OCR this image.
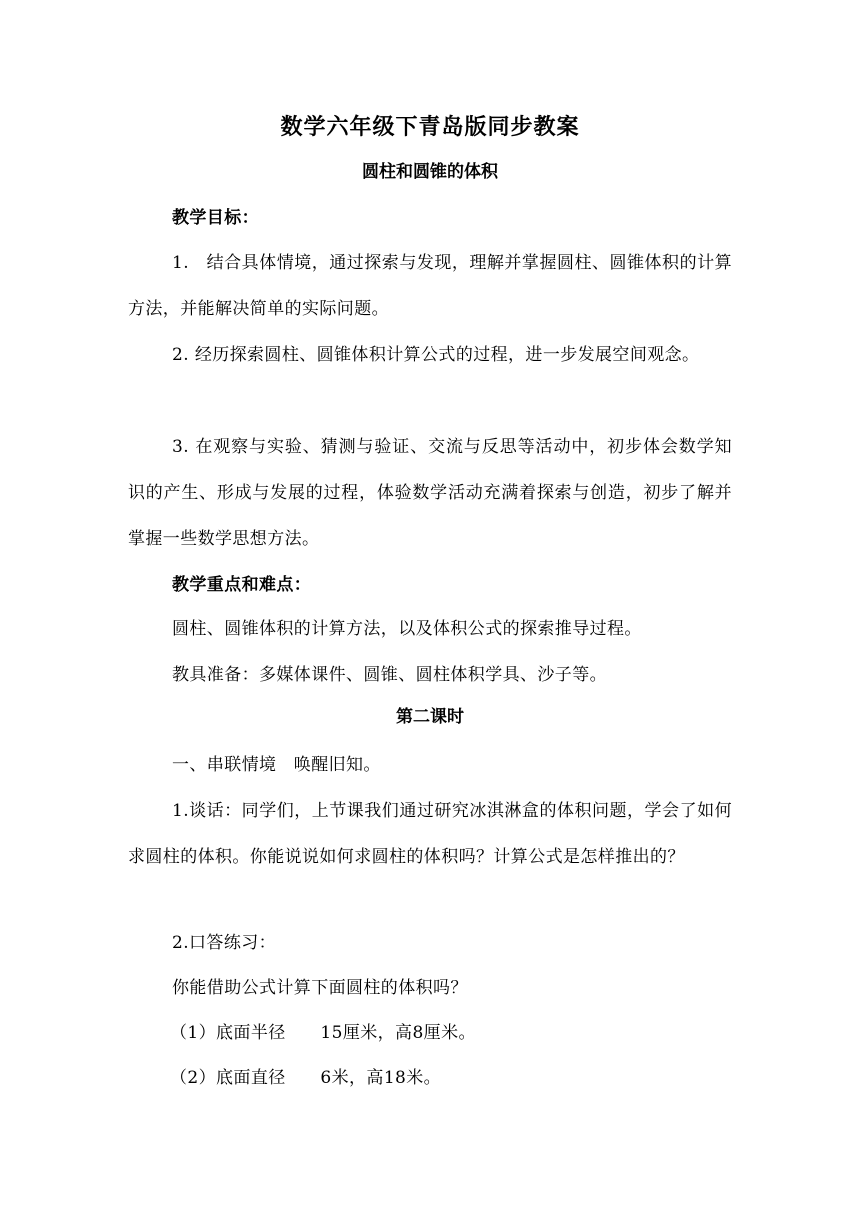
数学六年级下青岛版同步教案
圆柱和圆锥的体积
教学目标：
1.　结合具体情境，通过探索与发现，理解并掌握圆柱、圆锥体积的计算方法，并能解决简单的实际问题。
2. 经历探索圆柱、圆锥体积计算公式的过程，进一步发展空间观念。
3. 在观察与实验、猜测与验证、交流与反思等活动中，初步体会数学知识的产生、形成与发展的过程，体验数学活动充满着探索与创造，初步了解并掌握一些数学思想方法。
教学重点和难点：
圆柱、圆锥体积的计算方法，以及体积公式的探索推导过程。
教具准备：多媒体课件、圆锥、圆柱体积学具、沙子等。
第二课时
一、串联情境　唤醒旧知。
1.谈话：同学们，上节课我们通过研究冰淇淋盒的体积问题，学会了如何求圆柱的体积。你能说说如何求圆柱的体积吗？计算公式是怎样推出的？
2.口答练习：
你能借助公式计算下面圆柱的体积吗？
（1）底面半径　　15厘米，高8厘米。
（2）底面直径　　6米，高18米。
